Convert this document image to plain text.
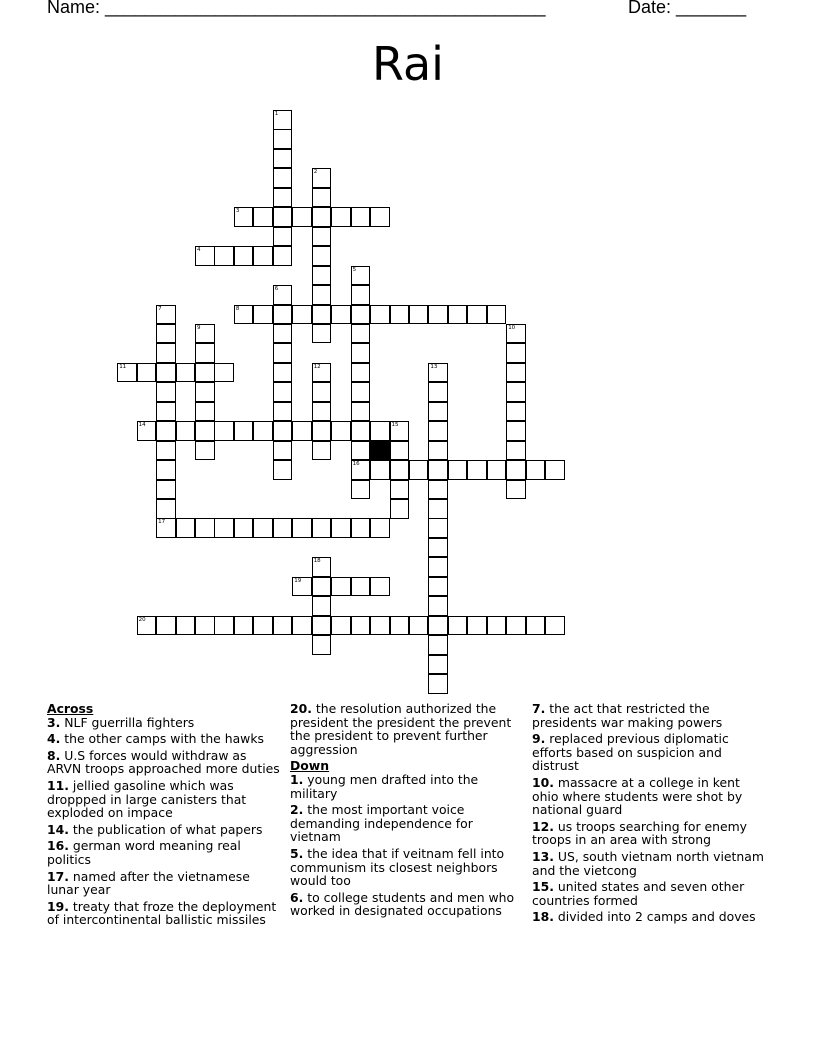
Name: ____________________________________________	Date: _______
Rai
1
2
3
4
5
16
6
7
17
8
9	10
11	12	13
14	15
18
19
20
Across
3. NLF guerrilla fighters
4. the other camps with the hawks
8. U.S forces would withdraw as ARVN troops approached more duties
11. jellied gasoline which was droppped in large canisters that exploded on impace
14. the publication of what papers
16. german word meaning real politics
17. named after the vietnamese lunar year
19. treaty that froze the deployment of intercontinental ballistic missiles
20. the resolution authorized the president the president the prevent the president to prevent further aggression
Down
1. young men drafted into the military
2. the most important voice demanding independence for vietnam
5. the idea that if veitnam fell into communism its closest neighbors would too
6. to college students and men who worked in designated occupations
7. the act that restricted the presidents war making powers
9. replaced previous diplomatic efforts based on suspicion and distrust
10. massacre at a college in kent ohio where students were shot by national guard
12. us troops searching for enemy troops in an area with strong
13. US, south vietnam north vietnam and the vietcong
15. united states and seven other countries formed
18. divided into 2 camps and doves
